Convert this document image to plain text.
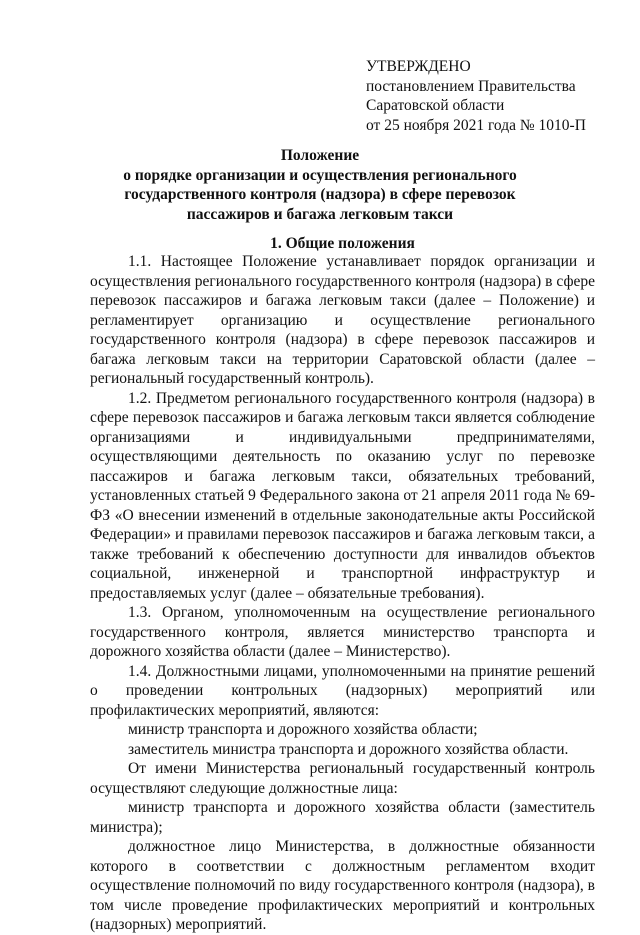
УТВЕРЖДЕНО
постановлением Правительства
Саратовской области
от 25 ноября 2021 года № 1010-П
Положение
о порядке организации и осуществления регионального
государственного контроля (надзора) в сфере перевозок
пассажиров и багажа легковым такси
1. Общие положения

1.1. Настоящее Положение устанавливает порядок организации и осуществления регионального государственного контроля (надзора) в сфере перевозок пассажиров и багажа легковым такси (далее – Положение) и регламентирует организацию и осуществление регионального государственного контроля (надзора) в сфере перевозок пассажиров и багажа легковым такси на территории Саратовской области (далее – региональный государственный контроль).

1.2. Предметом регионального государственного контроля (надзора) в сфере перевозок пассажиров и багажа легковым такси является соблюдение организациями и индивидуальными предпринимателями, осуществляющими деятельность по оказанию услуг по перевозке пассажиров и багажа легковым такси, обязательных требований, установленных статьей 9 Федерального закона от 21 апреля 2011 года № 69-ФЗ «О внесении изменений в отдельные законодательные акты Российской Федерации» и правилами перевозок пассажиров и багажа легковым такси, а также требований к обеспечению доступности для инвалидов объектов социальной, инженерной и транспортной инфраструктур и предоставляемых услуг (далее – обязательные требования).

1.3. Органом, уполномоченным на осуществление регионального государственного контроля, является министерство транспорта и дорожного хозяйства области (далее – Министерство).

1.4. Должностными лицами, уполномоченными на принятие решений о проведении контрольных (надзорных) мероприятий или профилактических мероприятий, являются:

министр транспорта и дорожного хозяйства области;

заместитель министра транспорта и дорожного хозяйства области.

От имени Министерства региональный государственный контроль осуществляют следующие должностные лица:

министр транспорта и дорожного хозяйства области (заместитель министра);

должностное лицо Министерства, в должностные обязанности которого в соответствии с должностным регламентом входит осуществление полномочий по виду государственного контроля (надзора), в том числе проведение профилактических мероприятий и контрольных (надзорных) мероприятий.
